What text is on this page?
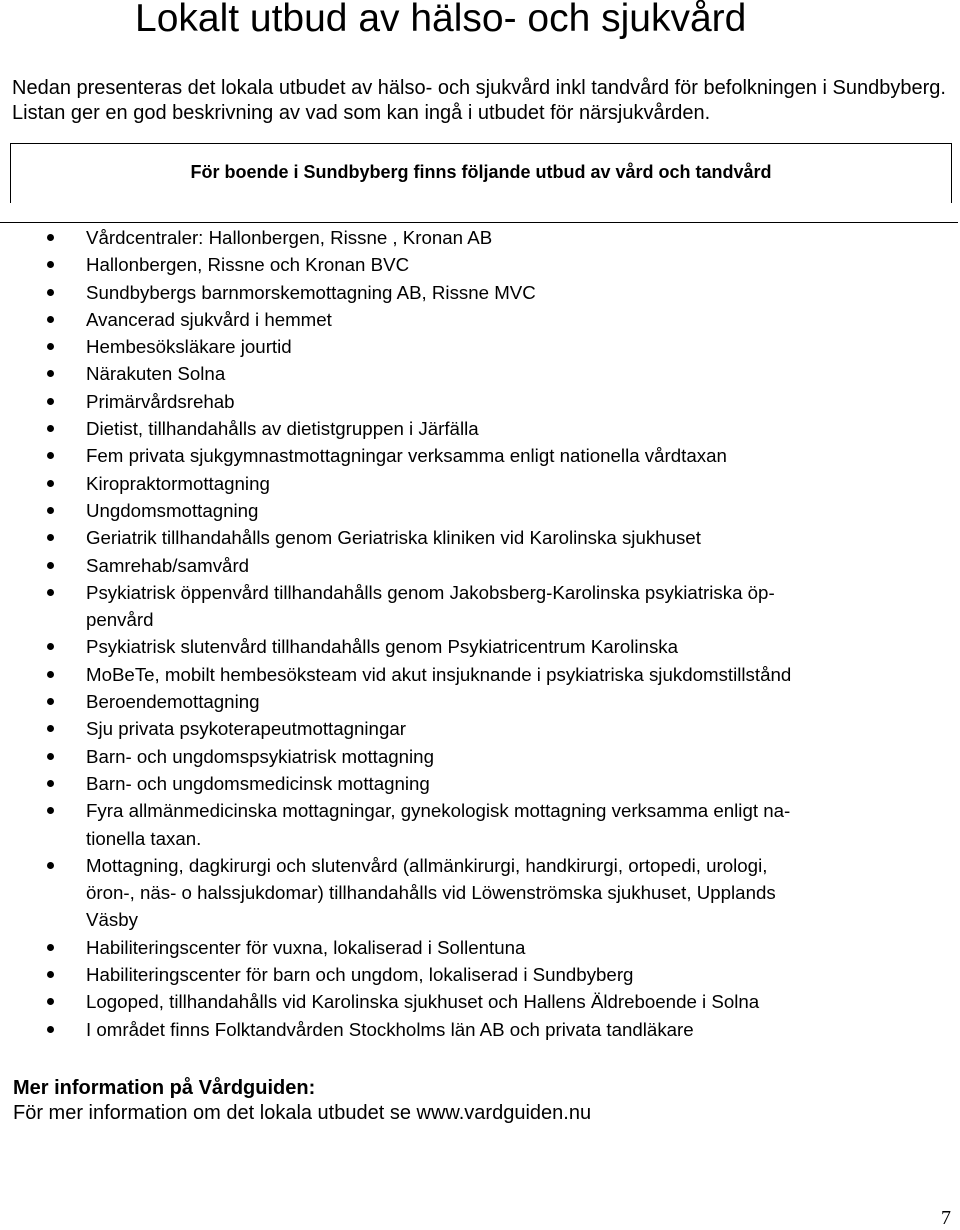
Lokalt utbud av hälso- och sjukvård

Nedan presenteras det lokala utbudet av hälso- och sjukvård inkl tandvård för befolkningen i Sundbyberg. Listan ger en god beskrivning av vad som kan ingå i utbudet för närsjukvården.

För boende i Sundbyberg finns följande utbud av vård och tandvård
Vårdcentraler: Hallonbergen, Rissne , Kronan AB
Hallonbergen, Rissne och Kronan BVC
Sundbybergs barnmorskemottagning AB, Rissne MVC
Avancerad sjukvård i hemmet
Hembesöksläkare jourtid
Närakuten Solna
Primärvårdsrehab
Dietist, tillhandahålls av dietistgruppen i Järfälla
Fem privata sjukgymnastmottagningar verksamma enligt nationella vårdtaxan
Kiropraktormottagning
Ungdomsmottagning
Geriatrik tillhandahålls genom Geriatriska kliniken vid Karolinska sjukhuset
Samrehab/samvård
Psykiatrisk öppenvård tillhandahålls genom Jakobsberg-Karolinska psykiatriska öp-
penvård
Psykiatrisk slutenvård tillhandahålls genom Psykiatricentrum Karolinska
MoBeTe, mobilt hembesöksteam vid akut insjuknande i psykiatriska sjukdomstillstånd
Beroendemottagning
Sju privata psykoterapeutmottagningar
Barn- och ungdomspsykiatrisk mottagning
Barn- och ungdomsmedicinsk mottagning
Fyra allmänmedicinska mottagningar, gynekologisk mottagning verksamma enligt na-
tionella taxan.
Mottagning, dagkirurgi och slutenvård (allmänkirurgi, handkirurgi, ortopedi, urologi,
öron-, näs- o halssjukdomar) tillhandahålls vid Löwenströmska sjukhuset, Upplands
Väsby
Habiliteringscenter för vuxna, lokaliserad i Sollentuna
Habiliteringscenter för barn och ungdom, lokaliserad i Sundbyberg
Logoped, tillhandahålls vid Karolinska sjukhuset och Hallens Äldreboende i Solna
I området finns Folktandvården Stockholms län AB och privata tandläkare

Mer information på Vårdguiden:

För mer information om det lokala utbudet se www.vardguiden.nu

7
